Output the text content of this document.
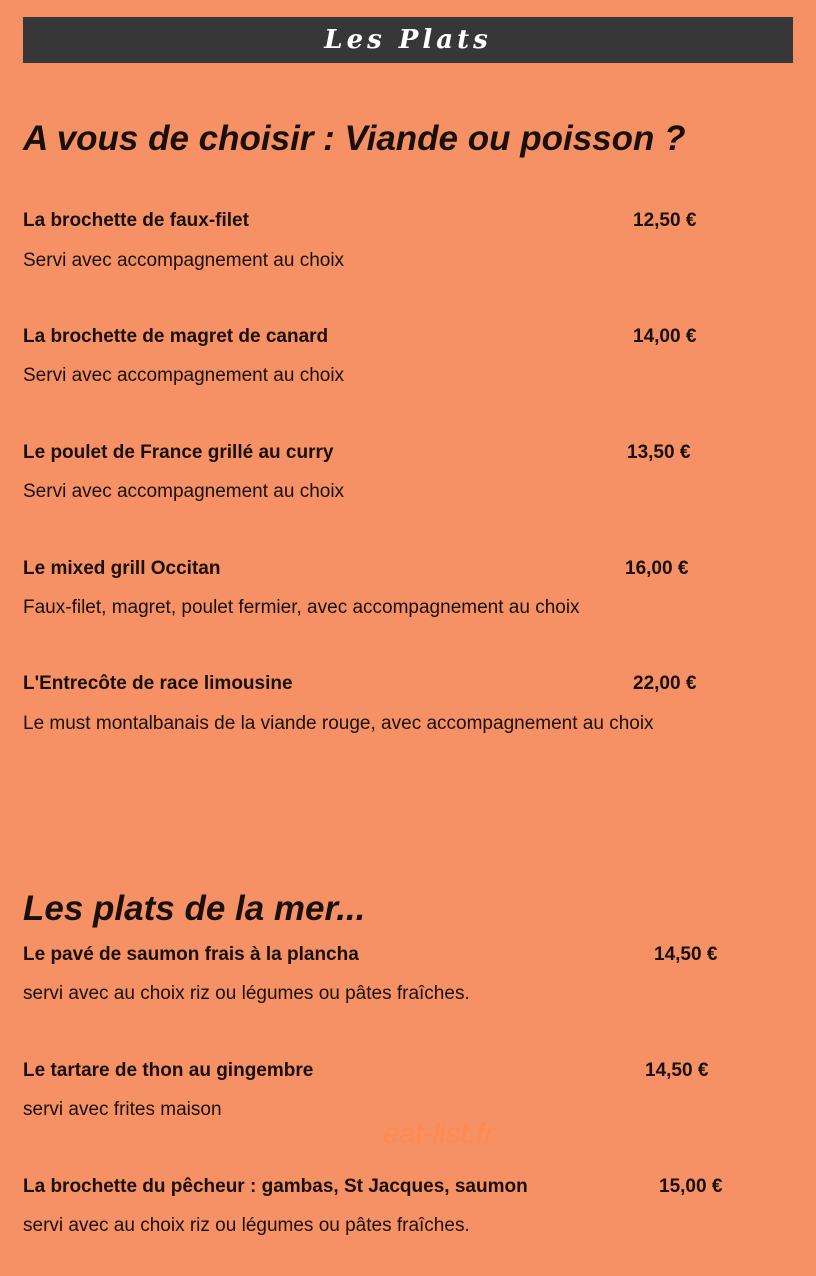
Les Plats
A vous de choisir : Viande ou poisson ?
La brochette de faux-filet	12,50 €
Servi avec accompagnement au choix
La brochette de magret de canard	14,00 €
Servi avec accompagnement au choix
Le poulet de France grillé au curry	13,50 €
Servi avec accompagnement au choix
Le mixed grill Occitan	16,00 €
Faux-filet, magret, poulet fermier, avec accompagnement au choix
L'Entrecôte de race limousine	22,00 €
Le must montalbanais de la viande rouge, avec accompagnement au choix
Les plats de la mer...
Le pavé de saumon frais à la plancha	14,50 €
servi avec au choix riz ou légumes ou pâtes fraîches.
Le tartare de thon au gingembre	14,50 €
servi avec frites maison
eat-list.fr
La brochette du pêcheur : gambas, St Jacques, saumon	15,00 €
servi avec au choix riz ou légumes ou pâtes fraîches.
